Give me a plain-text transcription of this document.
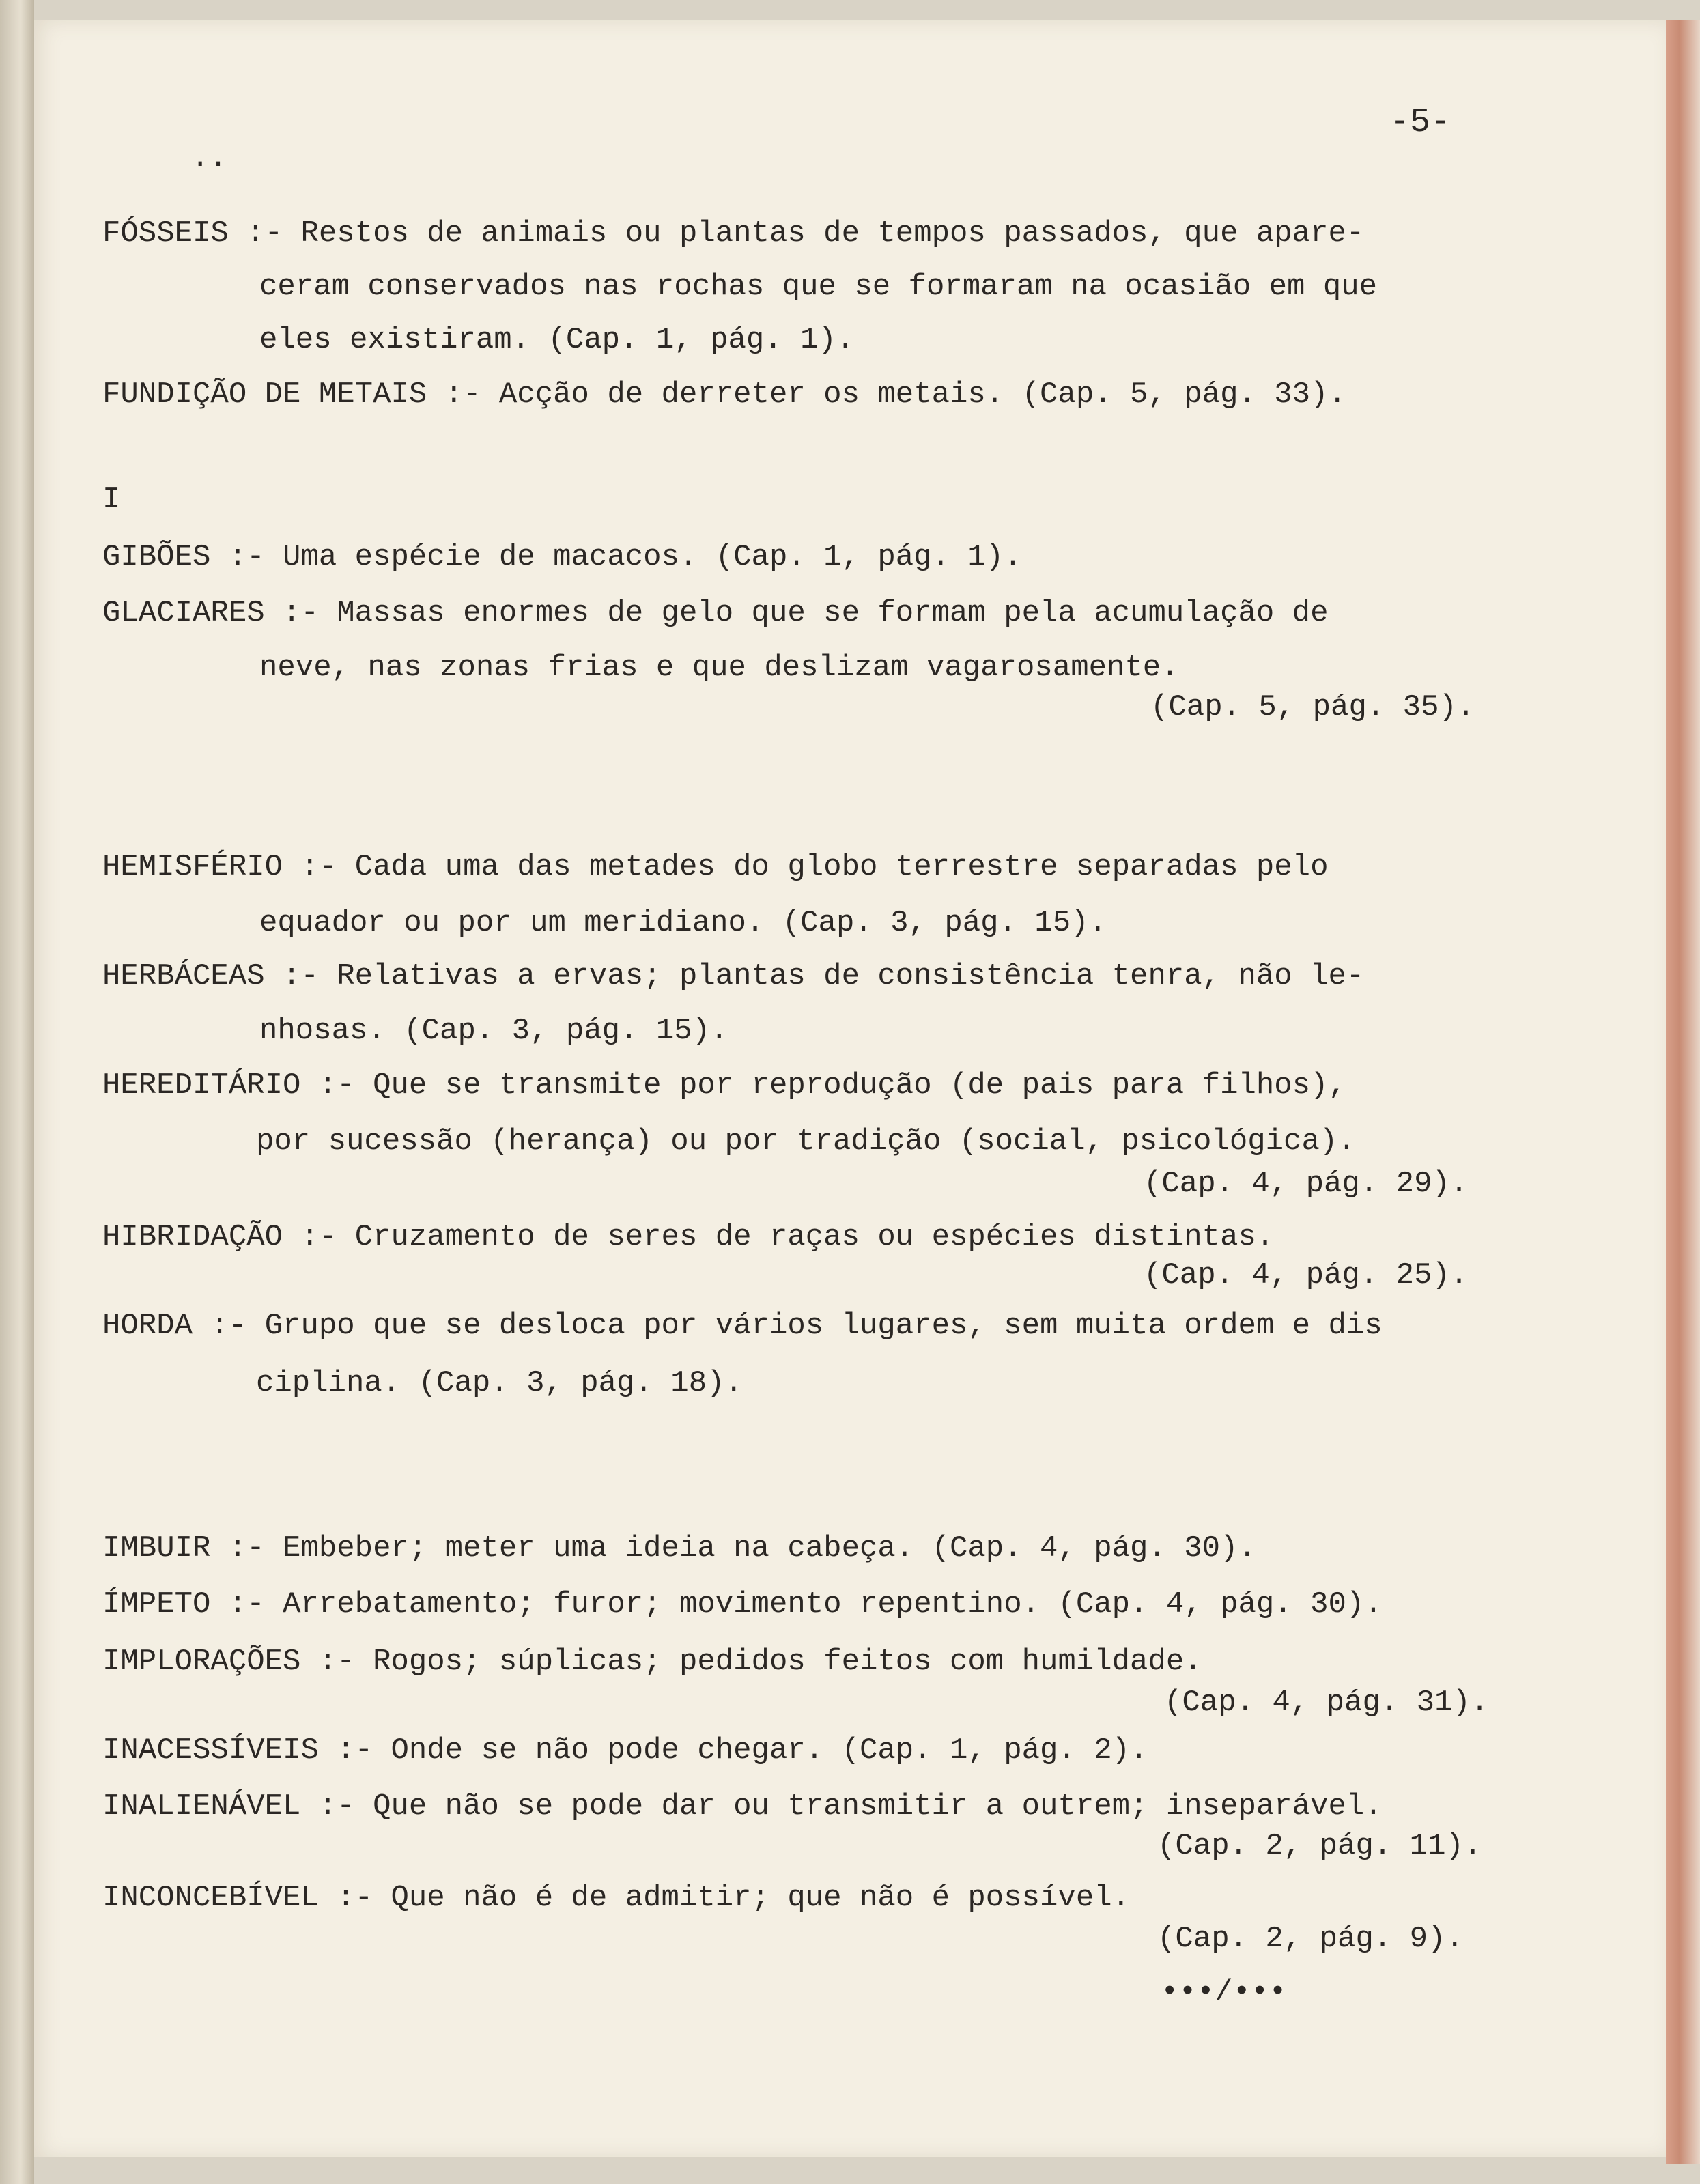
..
-5-
FÓSSEIS :- Restos de animais ou plantas de tempos passados, que apare-
ceram conservados nas rochas que se formaram na ocasião em que
eles existiram. (Cap. 1, pág. 1).
FUNDIÇÃO DE METAIS :- Acção de derreter os metais. (Cap. 5, pág. 33).
I
GIBÕES :- Uma espécie de macacos. (Cap. 1, pág. 1).
GLACIARES :- Massas enormes de gelo que se formam pela acumulação de
neve, nas zonas frias e que deslizam vagarosamente.
(Cap. 5, pág. 35).
HEMISFÉRIO :- Cada uma das metades do globo terrestre separadas pelo
equador ou por um meridiano. (Cap. 3, pág. 15).
HERBÁCEAS :- Relativas a ervas; plantas de consistência tenra, não le-
nhosas. (Cap. 3, pág. 15).
HEREDITÁRIO :- Que se transmite por reprodução (de pais para filhos),
por sucessão (herança) ou por tradição (social, psicológica).
(Cap. 4, pág. 29).
HIBRIDAÇÃO :- Cruzamento de seres de raças ou espécies distintas.
(Cap. 4, pág. 25).
HORDA :- Grupo que se desloca por vários lugares, sem muita ordem e dis
ciplina. (Cap. 3, pág. 18).
IMBUIR :- Embeber; meter uma ideia na cabeça. (Cap. 4, pág. 30).
ÍMPETO :- Arrebatamento; furor; movimento repentino. (Cap. 4, pág. 30).
IMPLORAÇÕES :- Rogos; súplicas; pedidos feitos com humildade.
(Cap. 4, pág. 31).
INACESSÍVEIS :- Onde se não pode chegar. (Cap. 1, pág. 2).
INALIENÁVEL :- Que não se pode dar ou transmitir a outrem; inseparável.
(Cap. 2, pág. 11).
INCONCEBÍVEL :- Que não é de admitir; que não é possível.
(Cap. 2, pág. 9).
•••/•••
